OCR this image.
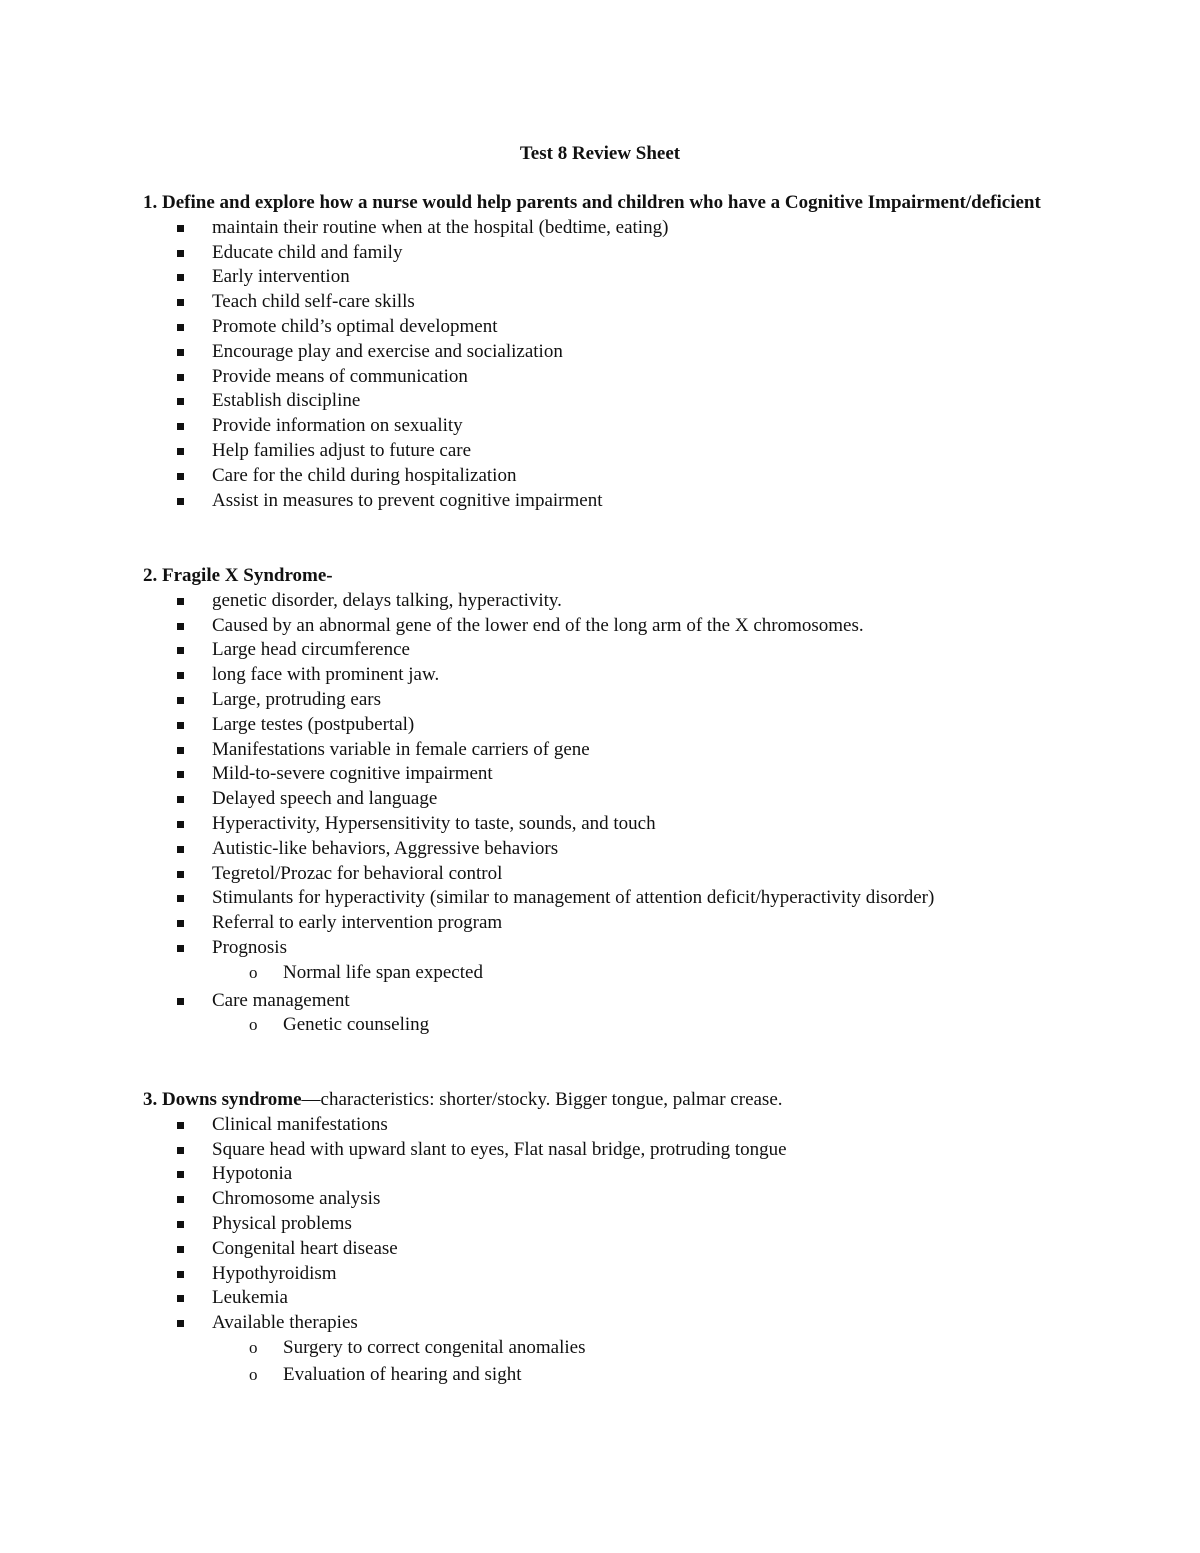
Test 8 Review Sheet

1. Define and explore how a nurse would help parents and children who have a Cognitive Impairment/deficient

maintain their routine when at the hospital (bedtime, eating)
Educate child and family
Early intervention
Teach child self-care skills
Promote child’s optimal development
Encourage play and exercise and socialization
Provide means of communication
Establish discipline
Provide information on sexuality
Help families adjust to future care
Care for the child during hospitalization
Assist in measures to prevent cognitive impairment

2. Fragile X Syndrome-

genetic disorder, delays talking, hyperactivity.
Caused by an abnormal gene of the lower end of the long arm of the X chromosomes.
Large head circumference
long face with prominent jaw.
Large, protruding ears
Large testes (postpubertal)
Manifestations variable in female carriers of gene
Mild-to-severe cognitive impairment
Delayed speech and language
Hyperactivity, Hypersensitivity to taste, sounds, and touch
Autistic-like behaviors, Aggressive behaviors
Tegretol/Prozac for behavioral control
Stimulants for hyperactivity (similar to management of attention deficit/hyperactivity disorder)
Referral to early intervention program
Prognosis
o Normal life span expected
Care management
o Genetic counseling

3. Downs syndrome—characteristics: shorter/stocky. Bigger tongue, palmar crease.

Clinical manifestations
Square head with upward slant to eyes, Flat nasal bridge, protruding tongue
Hypotonia
Chromosome analysis
Physical problems
Congenital heart disease
Hypothyroidism
Leukemia
Available therapies
o Surgery to correct congenital anomalies
o Evaluation of hearing and sight
